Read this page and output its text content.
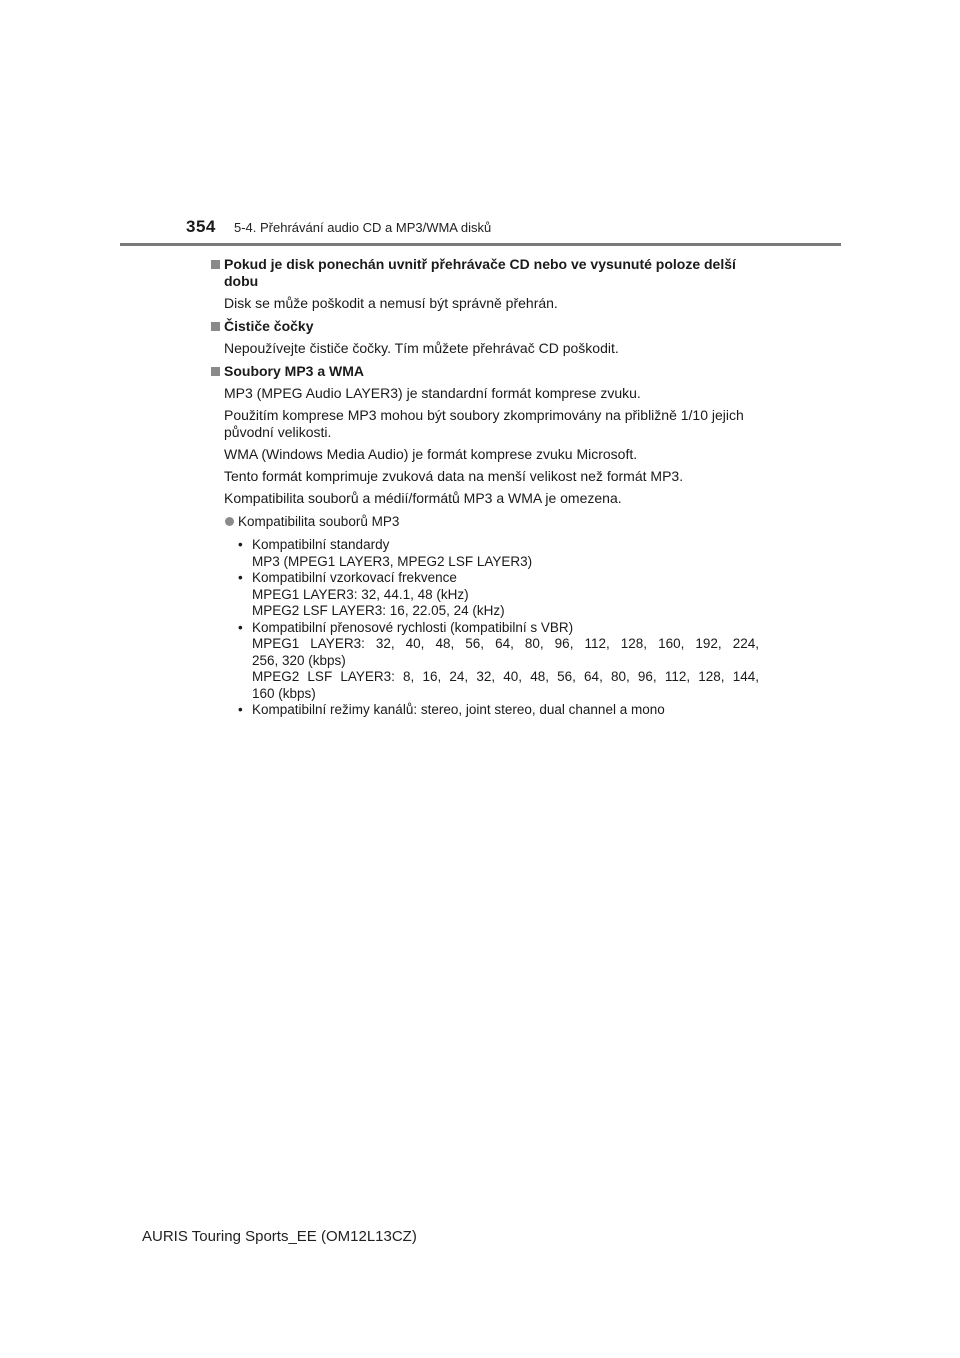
354 5-4. Přehrávání audio CD a MP3/WMA disků
Pokud je disk ponechán uvnitř přehrávače CD nebo ve vysunuté poloze delší dobu
Disk se může poškodit a nemusí být správně přehrán.
Čističe čočky
Nepoužívejte čističe čočky. Tím můžete přehrávač CD poškodit.
Soubory MP3 a WMA
MP3 (MPEG Audio LAYER3) je standardní formát komprese zvuku.
Použitím komprese MP3 mohou být soubory zkomprimovány na přibližně 1/10 jejich původní velikosti.
WMA (Windows Media Audio) je formát komprese zvuku Microsoft.
Tento formát komprimuje zvuková data na menší velikost než formát MP3.
Kompatibilita souborů a médií/formátů MP3 a WMA je omezena.
Kompatibilita souborů MP3
• Kompatibilní standardy
MP3 (MPEG1 LAYER3, MPEG2 LSF LAYER3)
• Kompatibilní vzorkovací frekvence
MPEG1 LAYER3: 32, 44.1, 48 (kHz)
MPEG2 LSF LAYER3: 16, 22.05, 24 (kHz)
• Kompatibilní přenosové rychlosti (kompatibilní s VBR)
MPEG1 LAYER3: 32, 40, 48, 56, 64, 80, 96, 112, 128, 160, 192, 224,
256, 320 (kbps)
MPEG2 LSF LAYER3: 8, 16, 24, 32, 40, 48, 56, 64, 80, 96, 112, 128, 144,
160 (kbps)
• Kompatibilní režimy kanálů: stereo, joint stereo, dual channel a mono
AURIS Touring Sports_EE (OM12L13CZ)
